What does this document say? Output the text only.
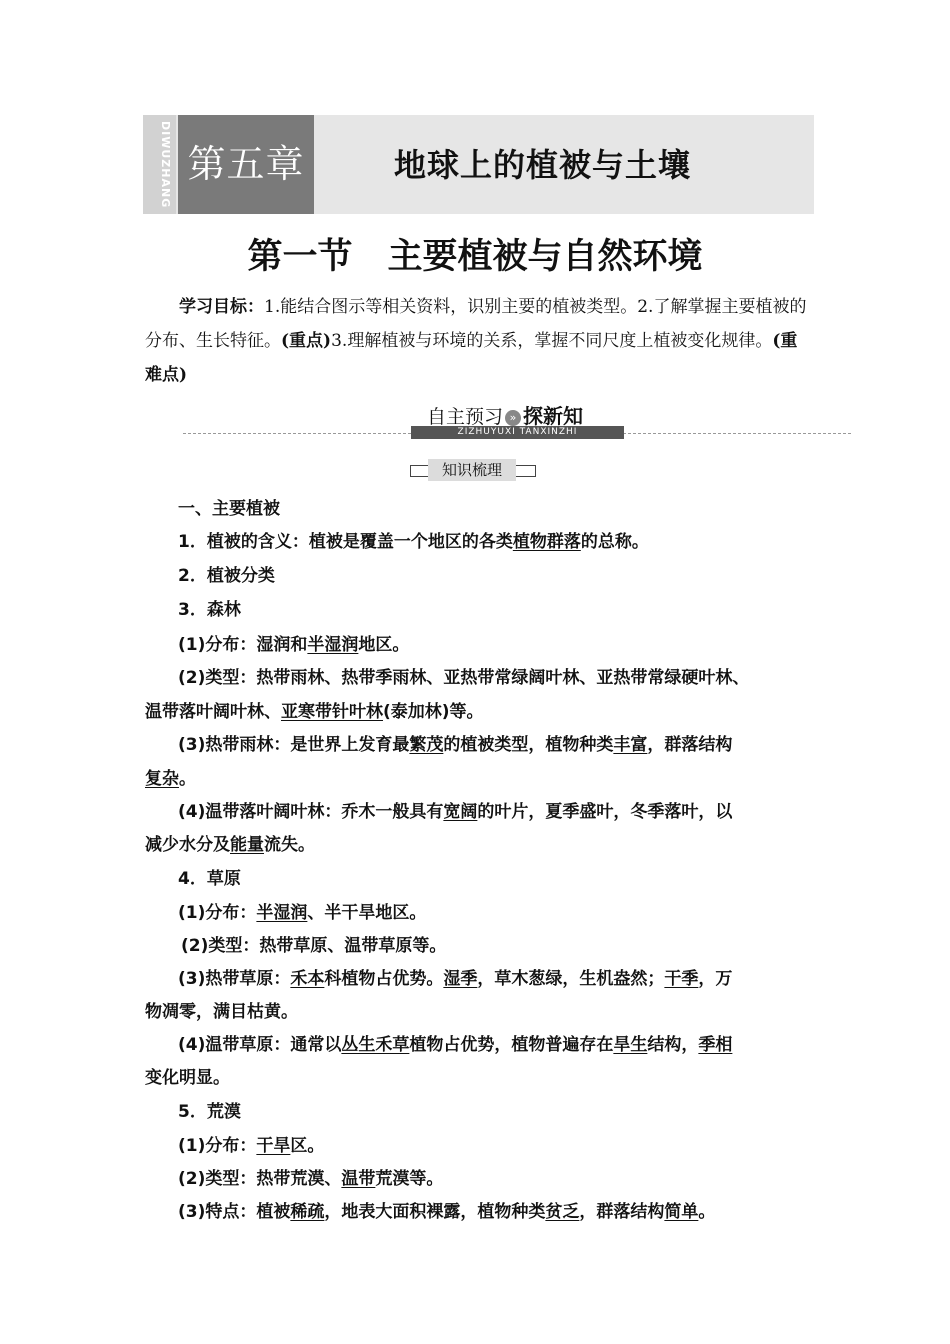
DIWUZHANG 第五章	地球上的植被与土壤
第一节　主要植被与自然环境

学习目标：1.能结合图示等相关资料，识别主要的植被类型。2.了解掌握主要植被的分布、生长特征。(重点)3.理解植被与环境的关系，掌握不同尺度上植被变化规律。(重难点)

ZIZHUYUXI TANXINZHI
自主预习 » 探新知
知识梳理
一、主要植被
1．植被的含义：植被是覆盖一个地区的各类植物群落的总称。
2．植被分类
3．森林
(1)分布：湿润和半湿润地区。
(2)类型：热带雨林、热带季雨林、亚热带常绿阔叶林、亚热带常绿硬叶林、
温带落叶阔叶林、亚寒带针叶林(泰加林)等。
(3)热带雨林：是世界上发育最繁茂的植被类型，植物种类丰富，群落结构
复杂。
(4)温带落叶阔叶林：乔木一般具有宽阔的叶片，夏季盛叶，冬季落叶，以
减少水分及能量流失。
4．草原
(1)分布：半湿润、半干旱地区。
(2)类型：热带草原、温带草原等。
(3)热带草原：禾本科植物占优势。湿季，草木葱绿，生机盎然；干季，万
物凋零，满目枯黄。
(4)温带草原：通常以丛生禾草植物占优势，植物普遍存在旱生结构，季相
变化明显。
5．荒漠
(1)分布：干旱区。
(2)类型：热带荒漠、温带荒漠等。
(3)特点：植被稀疏，地表大面积裸露，植物种类贫乏，群落结构简单。
